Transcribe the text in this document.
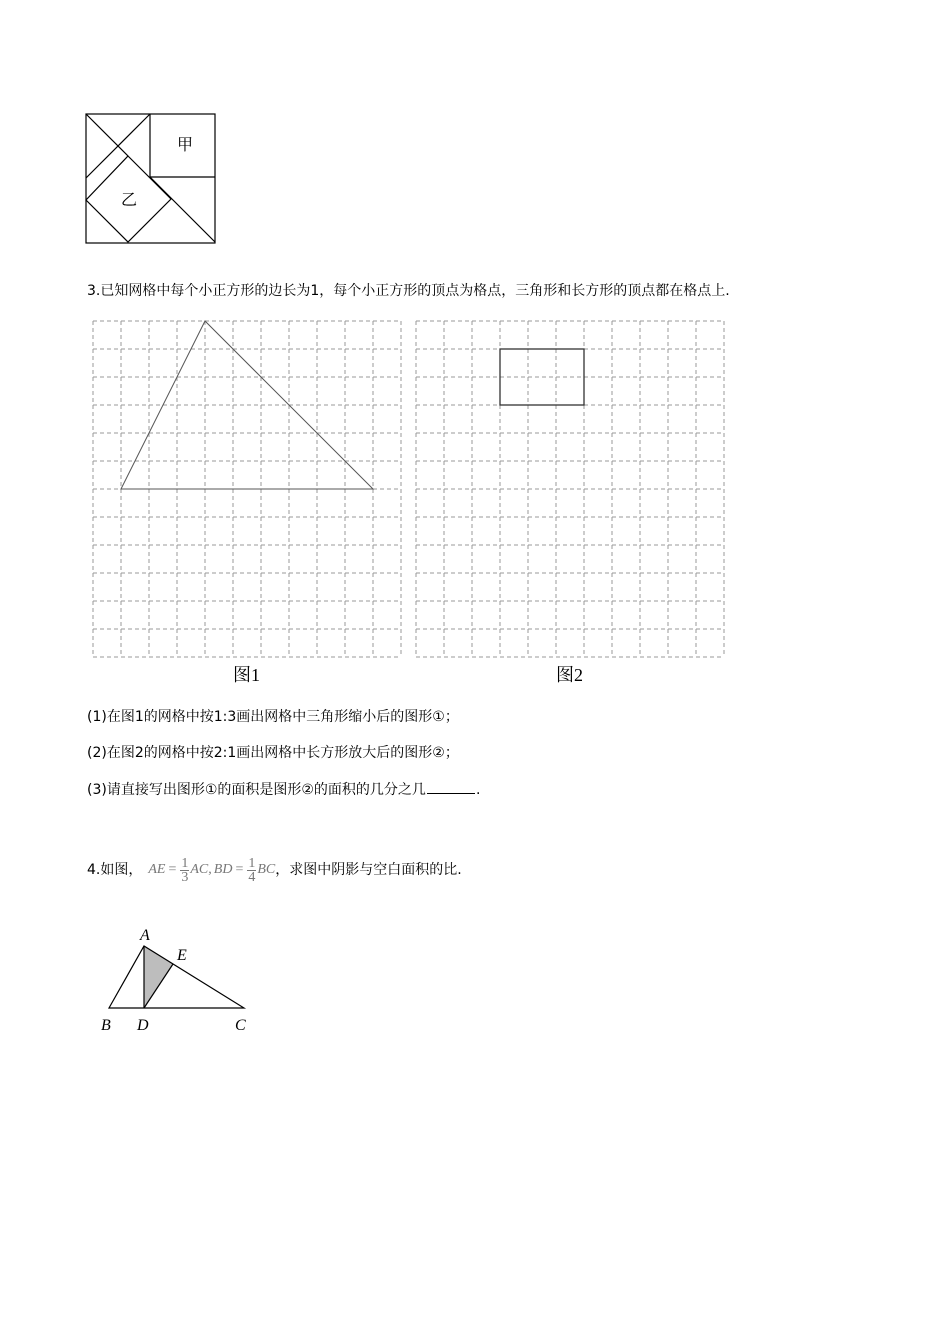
甲
乙
3.已知网格中每个小正方形的边长为1，每个小正方形的顶点为格点，三角形和长方形的顶点都在格点上.
图1	图2
(1)在图1的网格中按1:3画出网格中三角形缩小后的图形①；
(2)在图2的网格中按2:1画出网格中长方形放大后的图形②；
(3)请直接写出图形①的面积是图形②的面积的几分之几	.
4.如图， AE = $\frac{1}{3}$ AC , BD = $\frac{1}{4}$ BC ，求图中阴影与空白面积的比.
A
E
B D	C
